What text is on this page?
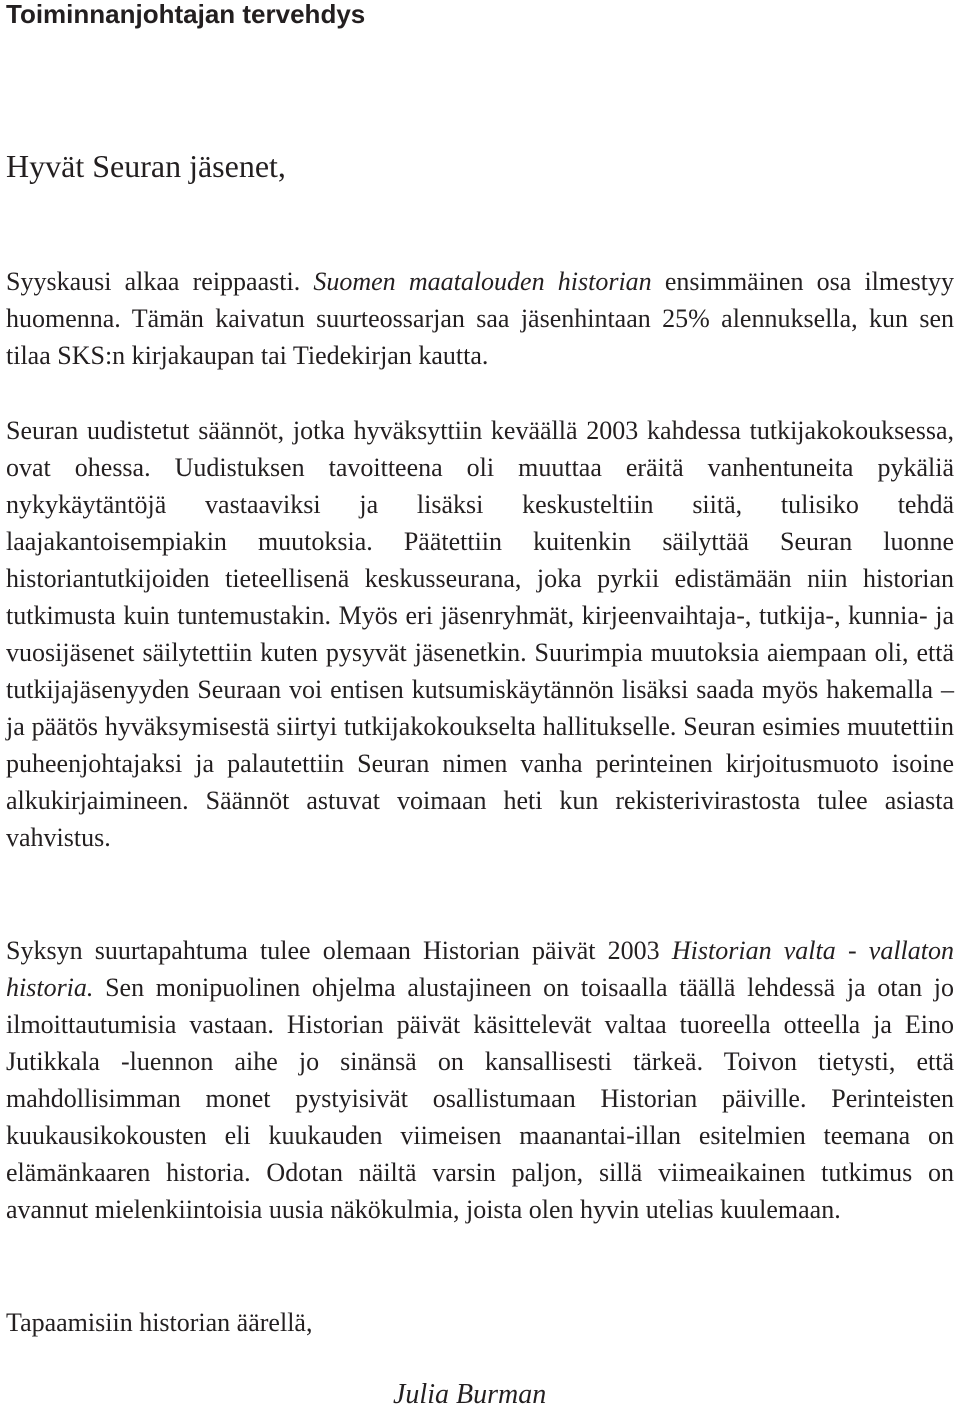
Toiminnanjohtajan tervehdys

Hyvät Seuran jäsenet,

Syyskausi alkaa reippaasti. Suomen maatalouden historian ensimmäinen osa ilmestyy huomenna. Tämän kaivatun suurteossarjan saa jäsenhintaan 25% alennuksella, kun sen tilaa SKS:n kirjakaupan tai Tiedekirjan kautta.

Seuran uudistetut säännöt, jotka hyväksyttiin keväällä 2003 kahdessa tutkijakokouksessa, ovat ohessa. Uudistuksen tavoitteena oli muuttaa eräitä vanhentuneita pykäliä nykykäytäntöjä vastaaviksi ja lisäksi keskusteltiin siitä, tulisiko tehdä laajakantoisempiakin muutoksia. Päätettiin kuitenkin säilyttää Seuran luonne historiantutkijoiden tieteellisenä keskusseurana, joka pyrkii edistämään niin historian tutkimusta kuin tuntemustakin. Myös eri jäsenryhmät, kirjeenvaihtaja-, tutkija-, kunnia- ja vuosijäsenet säilytettiin kuten pysyvät jäsenetkin. Suurimpia muutoksia aiempaan oli, että tutkijajäsenyyden Seuraan voi entisen kutsumiskäytännön lisäksi saada myös hakemalla – ja päätös hyväksymisestä siirtyi tutkijakokoukselta hallitukselle. Seuran esimies muutettiin puheenjohtajaksi ja palautettiin Seuran nimen vanha perinteinen kirjoitusmuoto isoine alkukirjaimineen. Säännöt astuvat voimaan heti kun rekisterivirastosta tulee asiasta vahvistus.

Syksyn suurtapahtuma tulee olemaan Historian päivät 2003 Historian valta - vallaton historia. Sen monipuolinen ohjelma alustajineen on toisaalla täällä lehdessä ja otan jo ilmoittautumisia vastaan. Historian päivät käsittelevät valtaa tuoreella otteella ja Eino Jutikkala -luennon aihe jo sinänsä on kansallisesti tärkeä. Toivon tietysti, että mahdollisimman monet pystyisivät osallistumaan Historian päiville. Perinteisten kuukausikokousten eli kuukauden viimeisen maanantai-illan esitelmien teemana on elämänkaaren historia. Odotan näiltä varsin paljon, sillä viimeaikainen tutkimus on avannut mielenkiintoisia uusia näkökulmia, joista olen hyvin utelias kuulemaan.

Tapaamisiin historian äärellä,

Julia Burman
